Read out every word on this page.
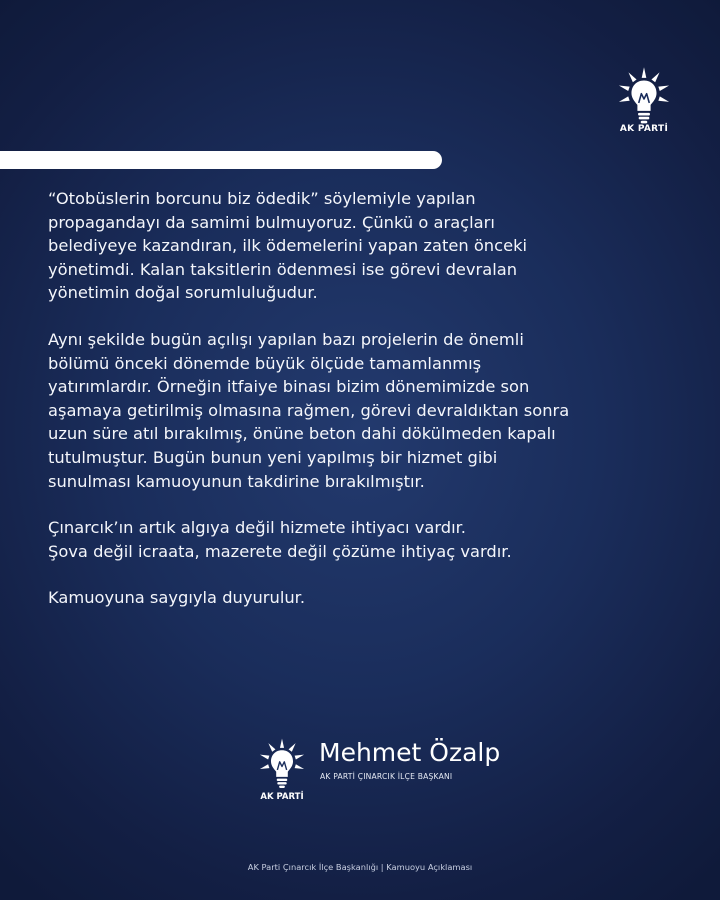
AK PARTİ

“Otobüslerin borcunu biz ödedik” söylemiyle yapılan
propagandayı da samimi bulmuyoruz. Çünkü o araçları
belediyeye kazandıran, ilk ödemelerini yapan zaten önceki
yönetimdi. Kalan taksitlerin ödenmesi ise görevi devralan
yönetimin doğal sorumluluğudur.

Aynı şekilde bugün açılışı yapılan bazı projelerin de önemli
bölümü önceki dönemde büyük ölçüde tamamlanmış
yatırımlardır. Örneğin itfaiye binası bizim dönemimizde son
aşamaya getirilmiş olmasına rağmen, görevi devraldıktan sonra
uzun süre atıl bırakılmış, önüne beton dahi dökülmeden kapalı
tutulmuştur. Bugün bunun yeni yapılmış bir hizmet gibi
sunulması kamuoyunun takdirine bırakılmıştır.

Çınarcık’ın artık algıya değil hizmete ihtiyacı vardır.
Şova değil icraata, mazerete değil çözüme ihtiyaç vardır.

Kamuoyuna saygıyla duyurulur.

AK PARTİ
Mehmet Özalp
AK PARTİ ÇINARCIK İLÇE BAŞKANI
AK Parti Çınarcık İlçe Başkanlığı | Kamuoyu Açıklaması
